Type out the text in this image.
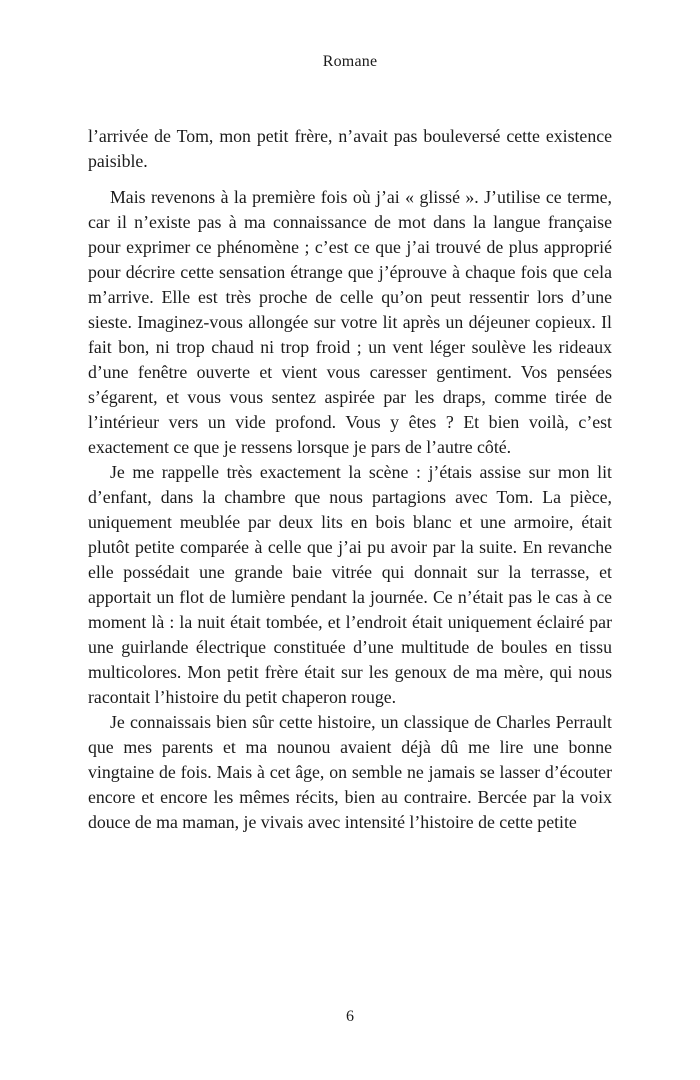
Romane

l’arrivée de Tom, mon petit frère, n’avait pas bouleversé cette existence paisible.

Mais revenons à la première fois où j’ai « glissé ». J’utilise ce terme, car il n’existe pas à ma connaissance de mot dans la langue française pour exprimer ce phénomène ; c’est ce que j’ai trouvé de plus approprié pour décrire cette sensation étrange que j’éprouve à chaque fois que cela m’arrive. Elle est très proche de celle qu’on peut ressentir lors d’une sieste. Imaginez-vous allongée sur votre lit après un déjeuner copieux. Il fait bon, ni trop chaud ni trop froid ; un vent léger soulève les rideaux d’une fenêtre ouverte et vient vous caresser gentiment. Vos pensées s’égarent, et vous vous sentez aspirée par les draps, comme tirée de l’intérieur vers un vide profond. Vous y êtes ? Et bien voilà, c’est exactement ce que je ressens lorsque je pars de l’autre côté.

Je me rappelle très exactement la scène : j’étais assise sur mon lit d’enfant, dans la chambre que nous partagions avec Tom. La pièce, uniquement meublée par deux lits en bois blanc et une armoire, était plutôt petite comparée à celle que j’ai pu avoir par la suite. En revanche elle possédait une grande baie vitrée qui donnait sur la terrasse, et apportait un flot de lumière pendant la journée. Ce n’était pas le cas à ce moment là : la nuit était tombée, et l’endroit était uniquement éclairé par une guirlande électrique constituée d’une multitude de boules en tissu multicolores. Mon petit frère était sur les genoux de ma mère, qui nous racontait l’histoire du petit chaperon rouge.

Je connaissais bien sûr cette histoire, un classique de Charles Perrault que mes parents et ma nounou avaient déjà dû me lire une bonne vingtaine de fois. Mais à cet âge, on semble ne jamais se lasser d’écouter encore et encore les mêmes récits, bien au contraire. Bercée par la voix douce de ma maman, je vivais avec intensité l’histoire de cette petite

6
